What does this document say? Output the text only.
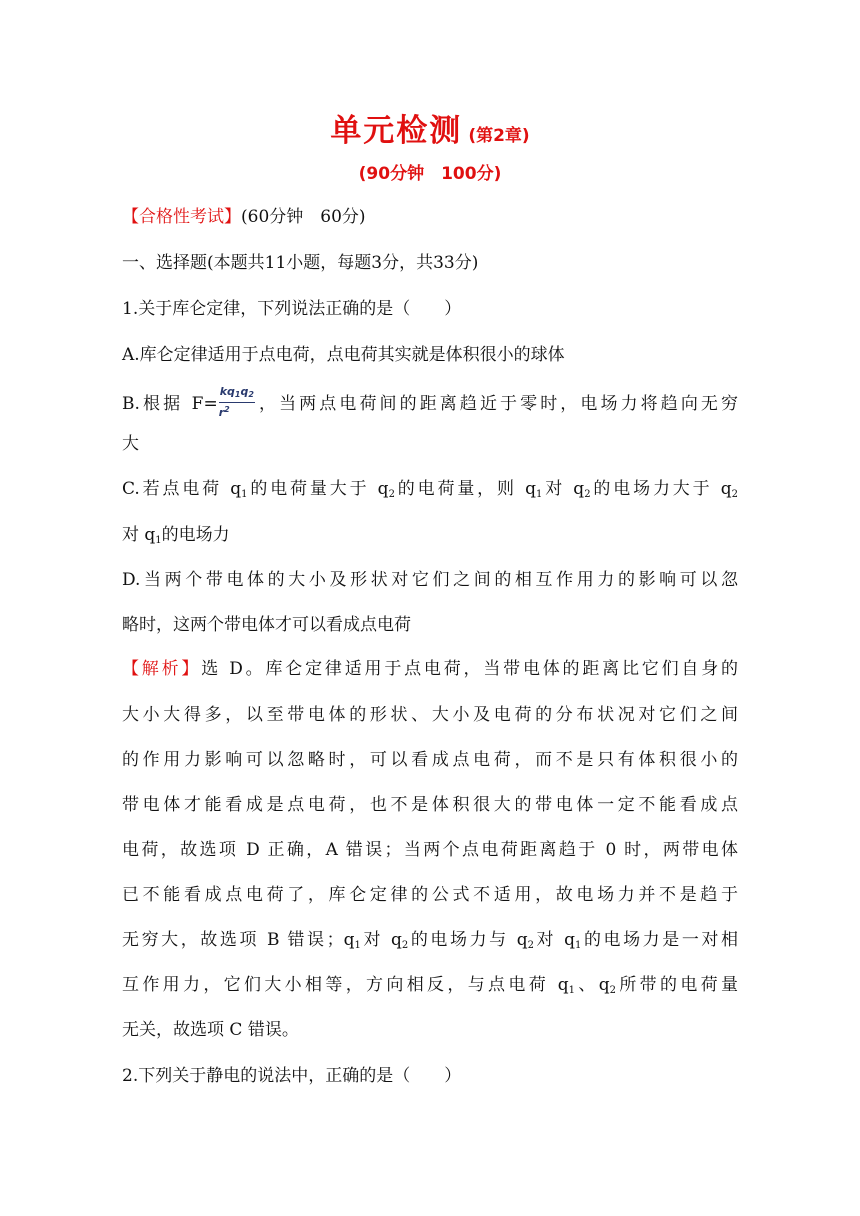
单元检测 (第2章)
(90分钟　100分)
【合格性考试】(60分钟　60分)
一、选择题(本题共11小题，每题3分，共33分)
1.关于库仑定律，下列说法正确的是（　　）
A.库仑定律适用于点电荷，点电荷其实就是体积很小的球体
B.根据 $F= \frac{kq1q2}{r^2}$ ，当两点电荷间的距离趋近于零时，电场力将趋向无穷
大
C.若点电荷 q1的电荷量大于 q2的电荷量，则 q1对 q2的电场力大于 q2
对 q1的电场力
D.当两个带电体的大小及形状对它们之间的相互作用力的影响可以忽
略时，这两个带电体才可以看成点电荷
【解析】选 D。库仑定律适用于点电荷，当带电体的距离比它们自身的
大小大得多，以至带电体的形状、大小及电荷的分布状况对它们之间
的作用力影响可以忽略时，可以看成点电荷，而不是只有体积很小的
带电体才能看成是点电荷，也不是体积很大的带电体一定不能看成点
电荷，故选项 D 正确，A 错误；当两个点电荷距离趋于 0 时，两带电体
已不能看成点电荷了，库仑定律的公式不适用，故电场力并不是趋于
无穷大，故选项 B 错误；q1对 q2的电场力与 q2对 q1的电场力是一对相
互作用力，它们大小相等，方向相反，与点电荷 q1、q2所带的电荷量
无关，故选项 C 错误。
2.下列关于静电的说法中，正确的是（　　）
